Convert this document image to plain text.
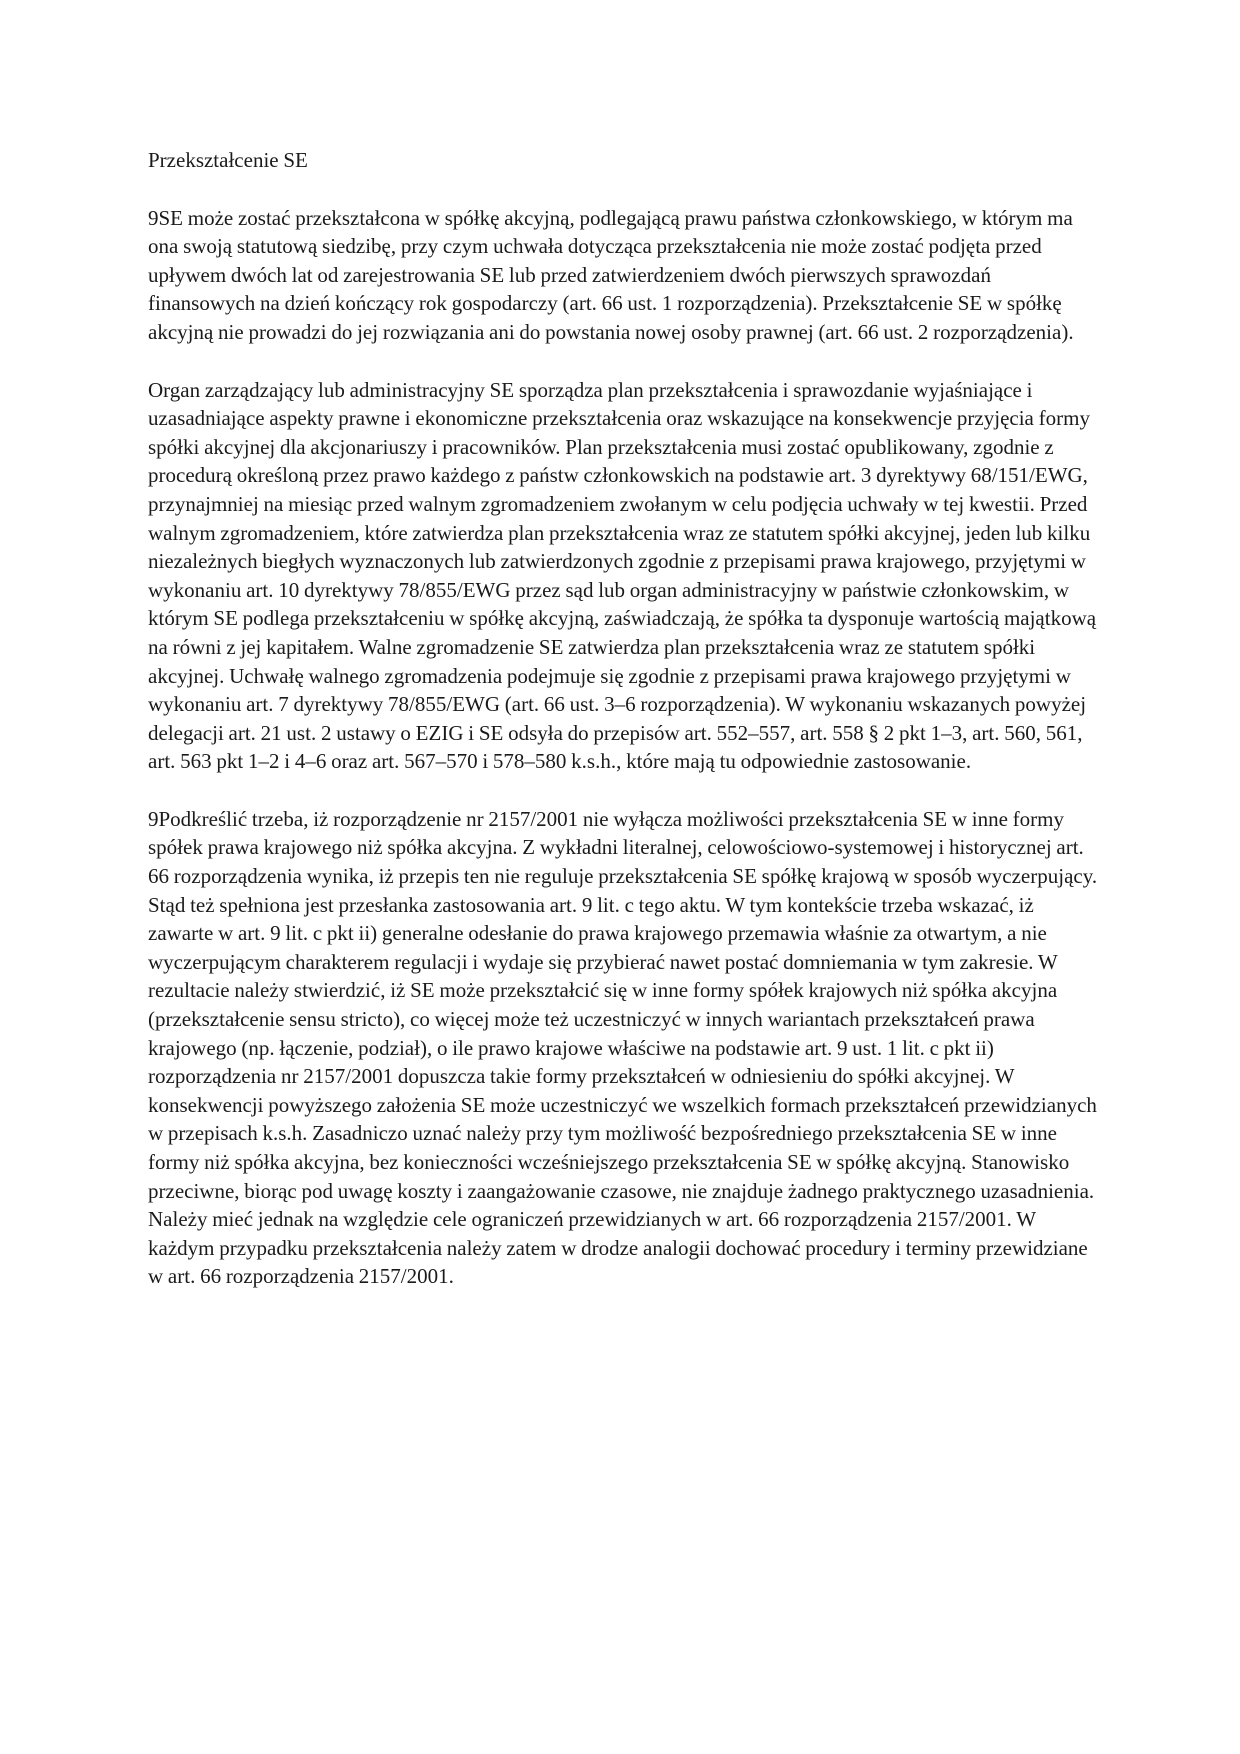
Przekształcenie SE

9SE może zostać przekształcona w spółkę akcyjną, podlegającą prawu państwa członkowskiego, w którym ma ona swoją statutową siedzibę, przy czym uchwała dotycząca przekształcenia nie może zostać podjęta przed upływem dwóch lat od zarejestrowania SE lub przed zatwierdzeniem dwóch pierwszych sprawozdań finansowych na dzień kończący rok gospodarczy (art. 66 ust. 1 rozporządzenia). Przekształcenie SE w spółkę akcyjną nie prowadzi do jej rozwiązania ani do powstania nowej osoby prawnej (art. 66 ust. 2 rozporządzenia).

Organ zarządzający lub administracyjny SE sporządza plan przekształcenia i sprawozdanie wyjaśniające i uzasadniające aspekty prawne i ekonomiczne przekształcenia oraz wskazujące na konsekwencje przyjęcia formy spółki akcyjnej dla akcjonariuszy i pracowników. Plan przekształcenia musi zostać opublikowany, zgodnie z procedurą określoną przez prawo każdego z państw członkowskich na podstawie art. 3 dyrektywy 68/151/EWG, przynajmniej na miesiąc przed walnym zgromadzeniem zwołanym w celu podjęcia uchwały w tej kwestii. Przed walnym zgromadzeniem, które zatwierdza plan przekształcenia wraz ze statutem spółki akcyjnej, jeden lub kilku niezależnych biegłych wyznaczonych lub zatwierdzonych zgodnie z przepisami prawa krajowego, przyjętymi w wykonaniu art. 10 dyrektywy 78/855/EWG przez sąd lub organ administracyjny w państwie członkowskim, w którym SE podlega przekształceniu w spółkę akcyjną, zaświadczają, że spółka ta dysponuje wartością majątkową na równi z jej kapitałem. Walne zgromadzenie SE zatwierdza plan przekształcenia wraz ze statutem spółki akcyjnej. Uchwałę walnego zgromadzenia podejmuje się zgodnie z przepisami prawa krajowego przyjętymi w wykonaniu art. 7 dyrektywy 78/855/EWG (art. 66 ust. 3–6 rozporządzenia). W wykonaniu wskazanych powyżej delegacji art. 21 ust. 2 ustawy o EZIG i SE odsyła do przepisów art. 552–557, art. 558 § 2 pkt 1–3, art. 560, 561, art. 563 pkt 1–2 i 4–6 oraz art. 567–570 i 578–580 k.s.h., które mają tu odpowiednie zastosowanie.

9Podkreślić trzeba, iż rozporządzenie nr 2157/2001 nie wyłącza możliwości przekształcenia SE w inne formy spółek prawa krajowego niż spółka akcyjna. Z wykładni literalnej, celowościowo-systemowej i historycznej art. 66 rozporządzenia wynika, iż przepis ten nie reguluje przekształcenia SE spółkę krajową w sposób wyczerpujący. Stąd też spełniona jest przesłanka zastosowania art. 9 lit. c tego aktu. W tym kontekście trzeba wskazać, iż zawarte w art. 9 lit. c pkt ii) generalne odesłanie do prawa krajowego przemawia właśnie za otwartym, a nie wyczerpującym charakterem regulacji i wydaje się przybierać nawet postać domniemania w tym zakresie. W rezultacie należy stwierdzić, iż SE może przekształcić się w inne formy spółek krajowych niż spółka akcyjna (przekształcenie sensu stricto), co więcej może też uczestniczyć w innych wariantach przekształceń prawa krajowego (np. łączenie, podział), o ile prawo krajowe właściwe na podstawie art. 9 ust. 1 lit. c pkt ii) rozporządzenia nr 2157/2001 dopuszcza takie formy przekształceń w odniesieniu do spółki akcyjnej. W konsekwencji powyższego założenia SE może uczestniczyć we wszelkich formach przekształceń przewidzianych w przepisach k.s.h. Zasadniczo uznać należy przy tym możliwość bezpośredniego przekształcenia SE w inne formy niż spółka akcyjna, bez konieczności wcześniejszego przekształcenia SE w spółkę akcyjną. Stanowisko przeciwne, biorąc pod uwagę koszty i zaangażowanie czasowe, nie znajduje żadnego praktycznego uzasadnienia. Należy mieć jednak na względzie cele ograniczeń przewidzianych w art. 66 rozporządzenia 2157/2001. W każdym przypadku przekształcenia należy zatem w drodze analogii dochować procedury i terminy przewidziane w art. 66 rozporządzenia 2157/2001.
